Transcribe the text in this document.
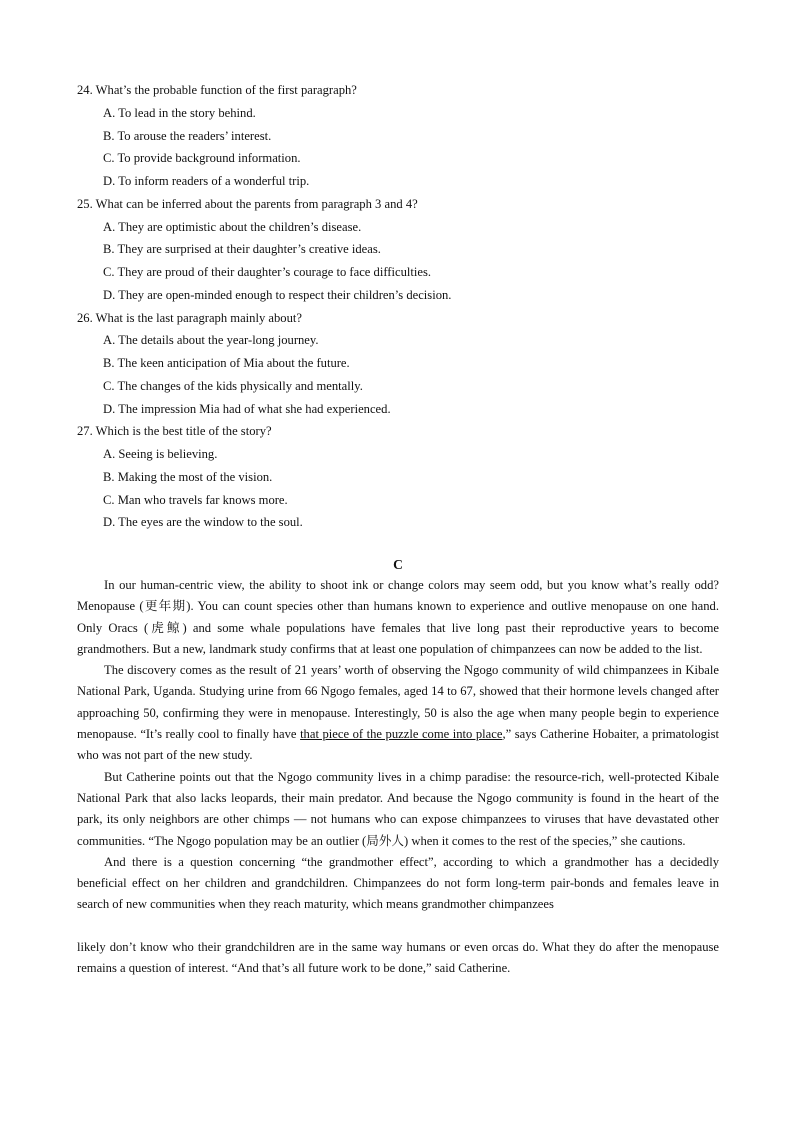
24. What’s the probable function of the first paragraph?
A. To lead in the story behind.
B. To arouse the readers’ interest.
C. To provide background information.
D. To inform readers of a wonderful trip.
25. What can be inferred about the parents from paragraph 3 and 4?
A. They are optimistic about the children’s disease.
B. They are surprised at their daughter’s creative ideas.
C. They are proud of their daughter’s courage to face difficulties.
D. They are open-minded enough to respect their children’s decision.
26. What is the last paragraph mainly about?
A. The details about the year-long journey.
B. The keen anticipation of Mia about the future.
C. The changes of the kids physically and mentally.
D. The impression Mia had of what she had experienced.
27. Which is the best title of the story?
A. Seeing is believing.
B. Making the most of the vision.
C. Man who travels far knows more.
D. The eyes are the window to the soul.
C

In our human-centric view, the ability to shoot ink or change colors may seem odd, but you know what’s really odd? Menopause (更年期). You can count species other than humans known to experience and outlive menopause on one hand. Only Oracs (虎鲸) and some whale populations have females that live long past their reproductive years to become grandmothers. But a new, landmark study confirms that at least one population of chimpanzees can now be added to the list.

The discovery comes as the result of 21 years’ worth of observing the Ngogo community of wild chimpanzees in Kibale National Park, Uganda. Studying urine from 66 Ngogo females, aged 14 to 67, showed that their hormone levels changed after approaching 50, confirming they were in menopause. Interestingly, 50 is also the age when many people begin to experience menopause. “It’s really cool to finally have that piece of the puzzle come into place,” says Catherine Hobaiter, a primatologist who was not part of the new study.

But Catherine points out that the Ngogo community lives in a chimp paradise: the resource-rich, well-protected Kibale National Park that also lacks leopards, their main predator. And because the Ngogo community is found in the heart of the park, its only neighbors are other chimps — not humans who can expose chimpanzees to viruses that have devastated other communities. “The Ngogo population may be an outlier (局外人) when it comes to the rest of the species,” she cautions.

And there is a question concerning “the grandmother effect”, according to which a grandmother has a decidedly beneficial effect on her children and grandchildren. Chimpanzees do not form long-term pair-bonds and females leave in search of new communities when they reach maturity, which means grandmother chimpanzees

likely don’t know who their grandchildren are in the same way humans or even orcas do. What they do after the menopause remains a question of interest. “And that’s all future work to be done,” said Catherine.
